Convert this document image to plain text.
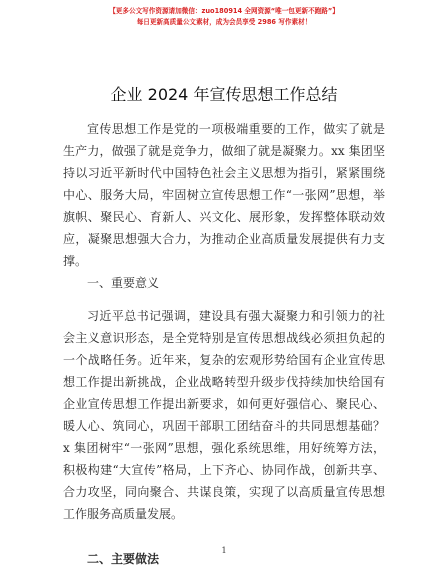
【更多公文写作资源请加微信：zuo180914 全网资源“唯一包更新不跑路”】
每日更新高质量公文素材，成为会员享受 2986 写作素材！
企业 2024 年宣传思想工作总结

宣传思想工作是党的一项极端重要的工作，做实了就是生产力，做强了就是竞争力，做细了就是凝聚力。xx 集团坚持以习近平新时代中国特色社会主义思想为指引，紧紧围绕中心、服务大局，牢固树立宣传思想工作“一张网”思想，举旗帜、聚民心、育新人、兴文化、展形象，发挥整体联动效应，凝聚思想强大合力，为推动企业高质量发展提供有力支撑。

一、重要意义

习近平总书记强调，建设具有强大凝聚力和引领力的社会主义意识形态，是全党特别是宣传思想战线必须担负起的一个战略任务。近年来，复杂的宏观形势给国有企业宣传思想工作提出新挑战，企业战略转型升级步伐持续加快给国有企业宣传思想工作提出新要求，如何更好强信心、聚民心、暖人心、筑同心，巩固干部职工团结奋斗的共同思想基础？ x 集团树牢“一张网”思想，强化系统思维，用好统筹方法，积极构建“大宣传”格局，上下齐心、协同作战，创新共享、合力攻坚，同向聚合、共谋良策，实现了以高质量宣传思想工作服务高质量发展。

二、主要做法

1
